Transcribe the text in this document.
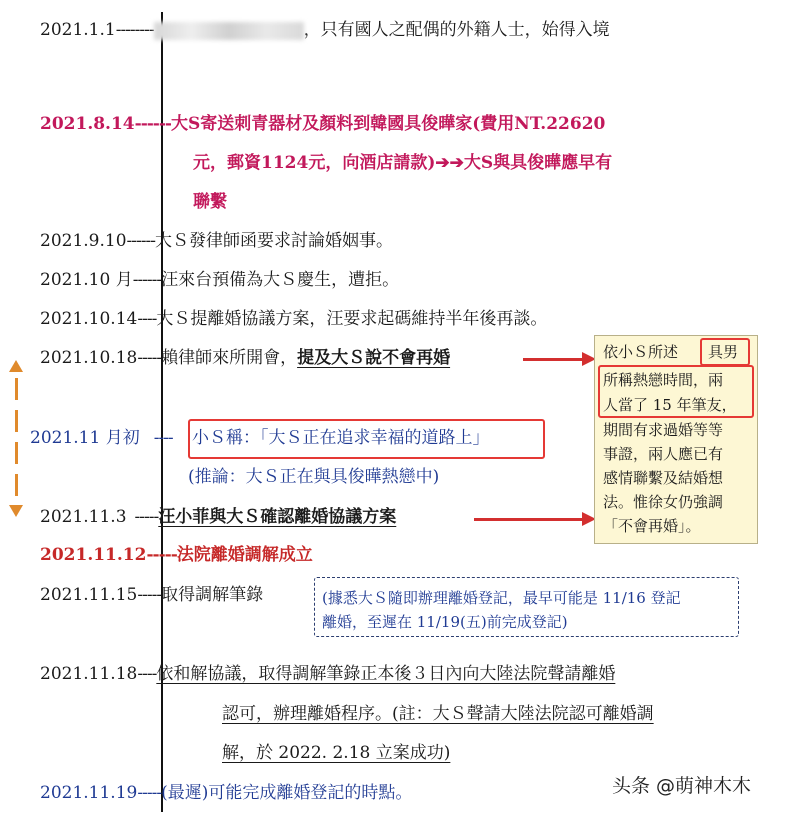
2021.1.1--------	，只有國人之配偶的外籍人士，始得入境
2021.8.14------大S寄送刺青器材及顏料到韓國具俊曄家(費用NT.22620
元，郵資1124元，向酒店請款)➔➔大S與具俊曄應早有
聯繫
2021.9.10------大Ｓ發律師函要求討論婚姻事。
2021.10 月------汪來台預備為大Ｓ慶生，遭拒。
2021.10.14----大Ｓ提離婚協議方案，汪要求起碼維持半年後再談。
2021.10.18-----賴律師來所開會，提及大Ｓ說不會再婚
2021.11 月初 ---- 小Ｓ稱：「大Ｓ正在追求幸福的道路上」
(推論：大Ｓ正在與具俊曄熱戀中)
2021.11.3 -----汪小菲與大Ｓ確認離婚協議方案
2021.11.12-----法院離婚調解成立
2021.11.15-----取得調解筆錄	(據悉大Ｓ隨即辦理離婚登記，最早可能是 11/16 登記
離婚，至遲在 11/19(五)前完成登記)
2021.11.18----依和解協議，取得調解筆錄正本後３日內向大陸法院聲請離婚
認可，辦理離婚程序。(註：大Ｓ聲請大陸法院認可離婚調
解，於 2022. 2.18 立案成功)
2021.11.19-----(最遲)可能完成離婚登記的時點。
依小Ｓ所述 具男
所稱熱戀時間，兩
人當了 15 年筆友，
期間有求過婚等等
事證，兩人應已有
感情聯繫及結婚想
法。惟徐女仍強調
「不會再婚」。
头条 @萌神木木
